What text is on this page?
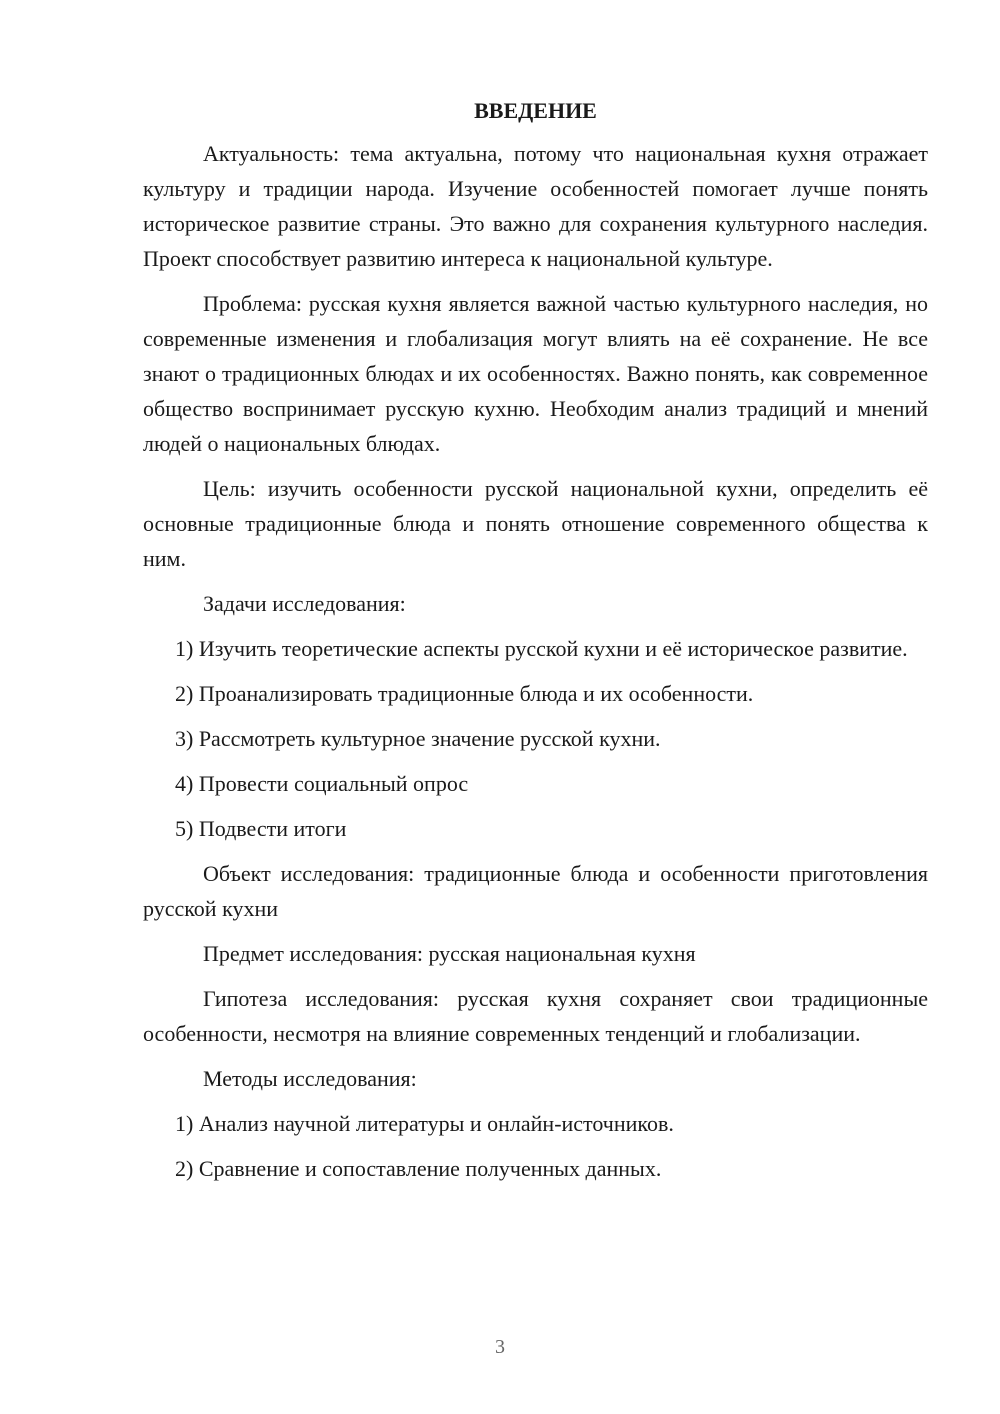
ВВЕДЕНИЕ

Актуальность: тема актуальна, потому что национальная кухня отражает культуру и традиции народа. Изучение особенностей помогает лучше понять историческое развитие страны. Это важно для сохранения культурного наследия. Проект способствует развитию интереса к национальной культуре.

Проблема: русская кухня является важной частью культурного наследия, но современные изменения и глобализация могут влиять на её сохранение. Не все знают о традиционных блюдах и их особенностях. Важно понять, как современное общество воспринимает русскую кухню. Необходим анализ традиций и мнений людей о национальных блюдах.

Цель: изучить особенности русской национальной кухни, определить её основные традиционные блюда и понять отношение современного общества к ним.

Задачи исследования:

1) Изучить теоретические аспекты русской кухни и её историческое развитие.

2) Проанализировать традиционные блюда и их особенности.

3) Рассмотреть культурное значение русской кухни.

4) Провести социальный опрос

5) Подвести итоги

Объект исследования: традиционные блюда и особенности приготовления русской кухни

Предмет исследования: русская национальная кухня

Гипотеза исследования: русская кухня сохраняет свои традиционные особенности, несмотря на влияние современных тенденций и глобализации.

Методы исследования:

1) Анализ научной литературы и онлайн-источников.

2) Сравнение и сопоставление полученных данных.

3
